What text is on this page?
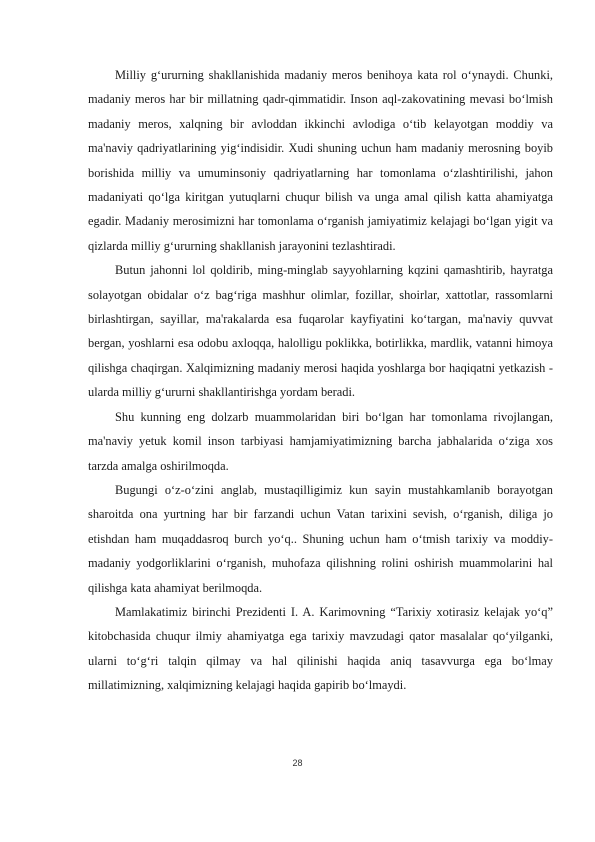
Milliy g‘ururning shakllanishida madaniy meros benihoya kata rol o‘ynaydi. Chunki, madaniy meros har bir millatning qadr-qimmatidir. Inson aql-zakovatining mevasi bo‘lmish madaniy meros, xalqning bir avloddan ikkinchi avlodiga o‘tib kelayotgan moddiy va ma'naviy qadriyatlarining yig‘indisidir. Xudi shuning uchun ham madaniy merosning boyib borishida milliy va umuminsoniy qadriyatlarning har tomonlama o‘zlashtirilishi, jahon madaniyati qo‘lga kiritgan yutuqlarni chuqur bilish va unga amal qilish katta ahamiyatga egadir. Madaniy merosimizni har tomonlama o‘rganish jamiyatimiz kelajagi bo‘lgan yigit va qizlarda milliy g‘ururning shakllanish jarayonini tezlashtiradi.

Butun jahonni lol qoldirib, ming-minglab sayyohlarning kqzini qamashtirib, hayratga solayotgan obidalar o‘z bag‘riga mashhur olimlar, fozillar, shoirlar, xattotlar, rassomlarni birlashtirgan, sayillar, ma'rakalarda esa fuqarolar kayfiyatini ko‘targan, ma'naviy quvvat bergan, yoshlarni esa odobu axloqqa, halolligu poklikka, botirlikka, mardlik, vatanni himoya qilishga chaqirgan. Xalqimizning madaniy merosi haqida yoshlarga bor haqiqatni yetkazish - ularda milliy g‘ururni shakllantirishga yordam beradi.

Shu kunning eng dolzarb muammolaridan biri bo‘lgan har tomonlama rivojlangan, ma'naviy yetuk komil inson tarbiyasi hamjamiyatimizning barcha jabhalarida o‘ziga xos tarzda amalga oshirilmoqda.

Bugungi o‘z-o‘zini anglab, mustaqilligimiz kun sayin mustahkamlanib borayotgan sharoitda ona yurtning har bir farzandi uchun Vatan tarixini sevish, o‘rganish, diliga jo etishdan ham muqaddasroq burch yo‘q.. Shuning uchun ham o‘tmish tarixiy va moddiy-madaniy yodgorliklarini o‘rganish, muhofaza qilishning rolini oshirish muammolarini hal qilishga kata ahamiyat berilmoqda.

Mamlakatimiz birinchi Prezidenti I. A. Karimovning “Tarixiy xotirasiz kelajak yo‘q” kitobchasida chuqur ilmiy ahamiyatga ega tarixiy mavzudagi qator masalalar qo‘yilganki, ularni to‘g‘ri talqin qilmay va hal qilinishi haqida aniq tasavvurga ega bo‘lmay millatimizning, xalqimizning kelajagi haqida gapirib bo‘lmaydi.

28
